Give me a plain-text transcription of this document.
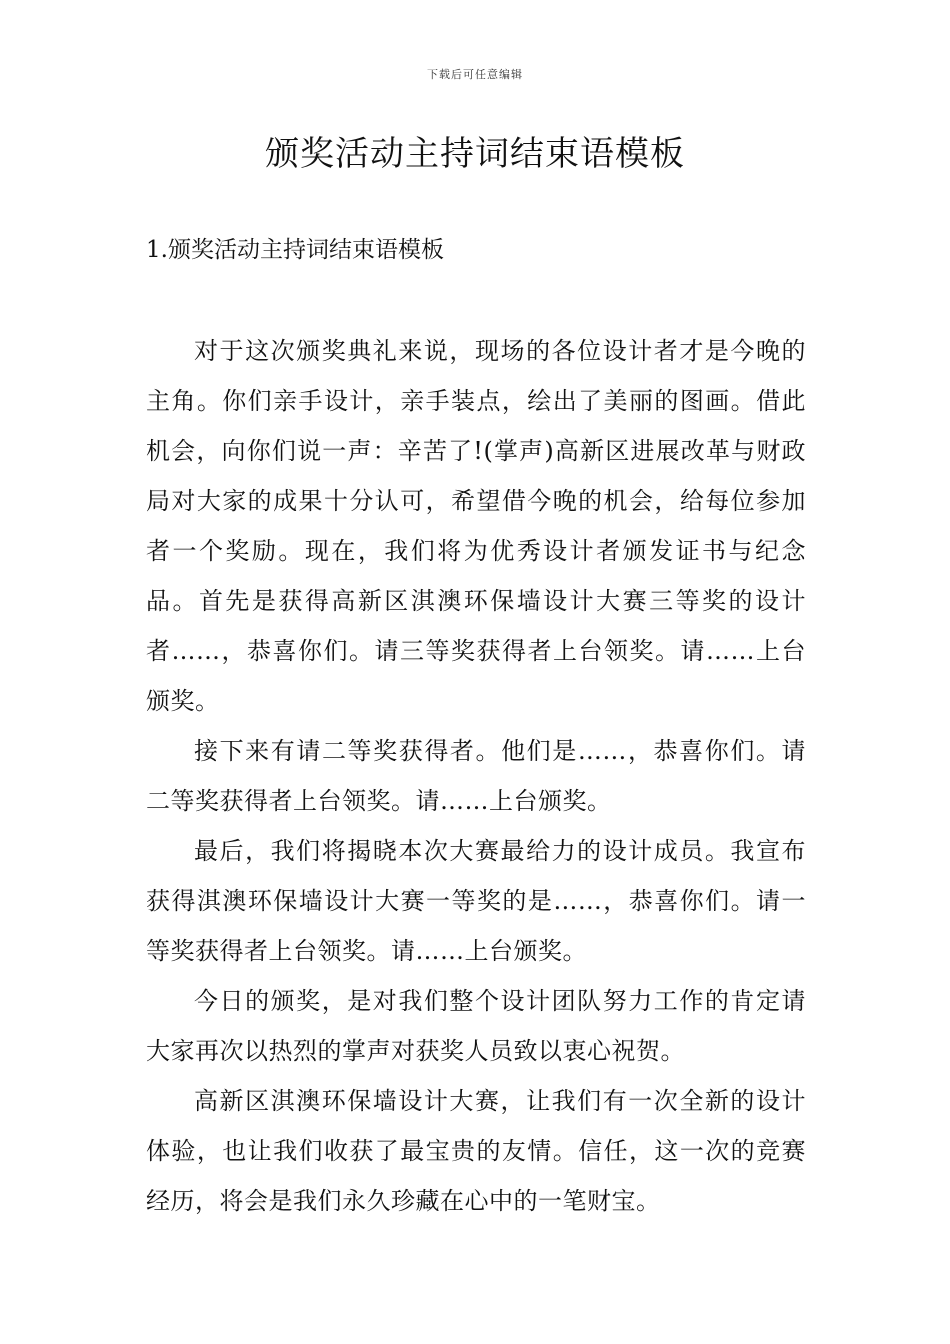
下载后可任意编辑
颁奖活动主持词结束语模板
1.颁奖活动主持词结束语模板

对于这次颁奖典礼来说，现场的各位设计者才是今晚的主角。你们亲手设计，亲手装点，绘出了美丽的图画。借此机会，向你们说一声：辛苦了!(掌声)高新区进展改革与财政局对大家的成果十分认可，希望借今晚的机会，给每位参加者一个奖励。现在，我们将为优秀设计者颁发证书与纪念品。首先是获得高新区淇澳环保墙设计大赛三等奖的设计者……，恭喜你们。请三等奖获得者上台领奖。请……上台颁奖。

接下来有请二等奖获得者。他们是……，恭喜你们。请二等奖获得者上台领奖。请……上台颁奖。

最后，我们将揭晓本次大赛最给力的设计成员。我宣布获得淇澳环保墙设计大赛一等奖的是……，恭喜你们。请一等奖获得者上台领奖。请……上台颁奖。

今日的颁奖，是对我们整个设计团队努力工作的肯定请大家再次以热烈的掌声对获奖人员致以衷心祝贺。

高新区淇澳环保墙设计大赛，让我们有一次全新的设计体验，也让我们收获了最宝贵的友情。信任，这一次的竞赛经历，将会是我们永久珍藏在心中的一笔财宝。
